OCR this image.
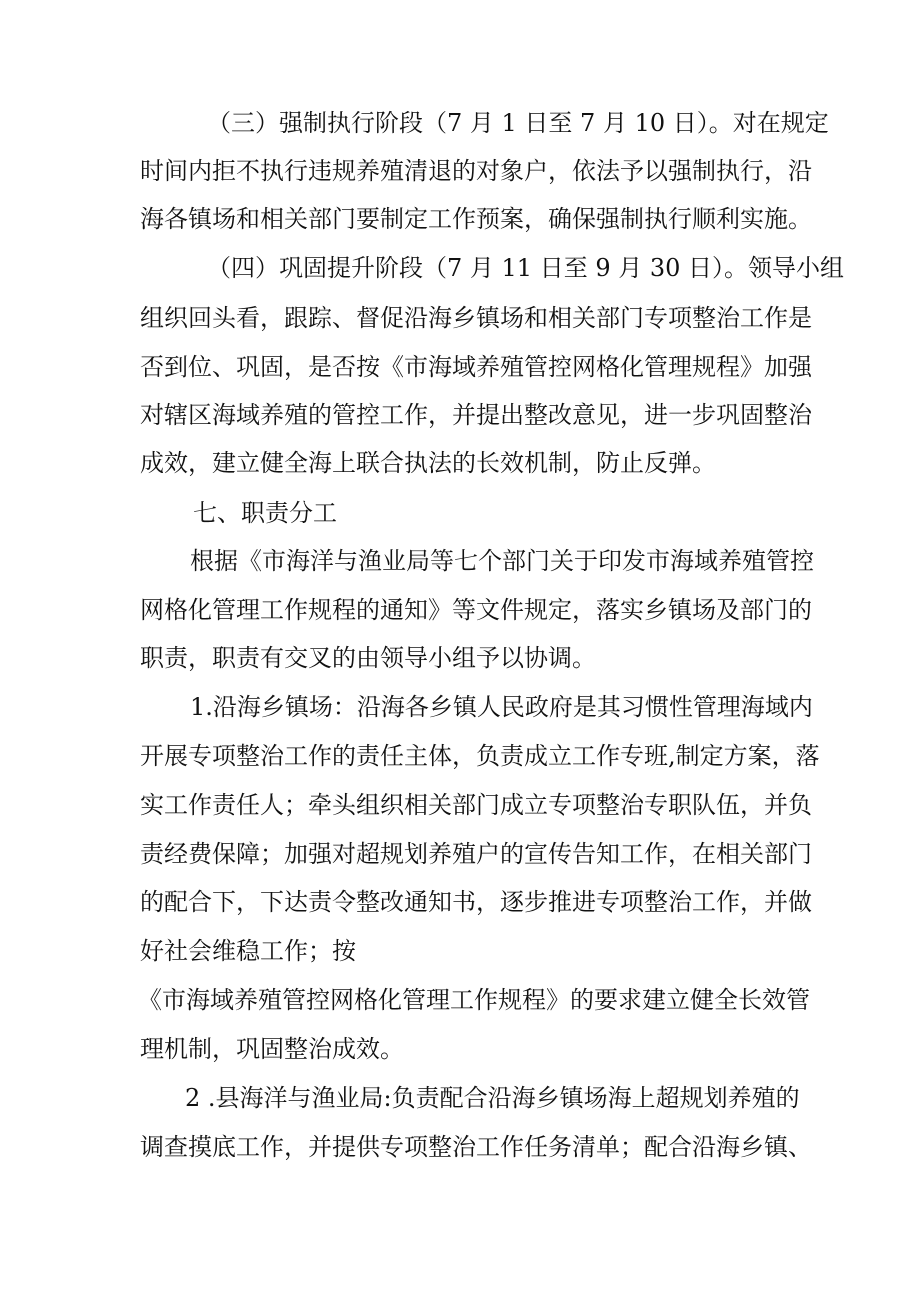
（三）强制执行阶段（7 月 1 日至 7 月 10 日）。对在规定
时间内拒不执行违规养殖清退的对象户，依法予以强制执行，沿
海各镇场和相关部门要制定工作预案，确保强制执行顺利实施。
（四）巩固提升阶段（7 月 11 日至 9 月 30 日）。领导小组
组织回头看，跟踪、督促沿海乡镇场和相关部门专项整治工作是
否到位、巩固，是否按《市海域养殖管控网格化管理规程》加强
对辖区海域养殖的管控工作，并提出整改意见，进一步巩固整治
成效，建立健全海上联合执法的长效机制，防止反弹。
七、职责分工
根据《市海洋与渔业局等七个部门关于印发市海域养殖管控
网格化管理工作规程的通知》等文件规定，落实乡镇场及部门的
职责，职责有交叉的由领导小组予以协调。
1.沿海乡镇场：沿海各乡镇人民政府是其习惯性管理海域内
开展专项整治工作的责任主体，负责成立工作专班,制定方案，落
实工作责任人；牵头组织相关部门成立专项整治专职队伍，并负
责经费保障；加强对超规划养殖户的宣传告知工作，在相关部门
的配合下，下达责令整改通知书，逐步推进专项整治工作，并做
好社会维稳工作；按
《市海域养殖管控网格化管理工作规程》的要求建立健全长效管
理机制，巩固整治成效。
2 .县海洋与渔业局:负责配合沿海乡镇场海上超规划养殖的
调查摸底工作，并提供专项整治工作任务清单；配合沿海乡镇、
